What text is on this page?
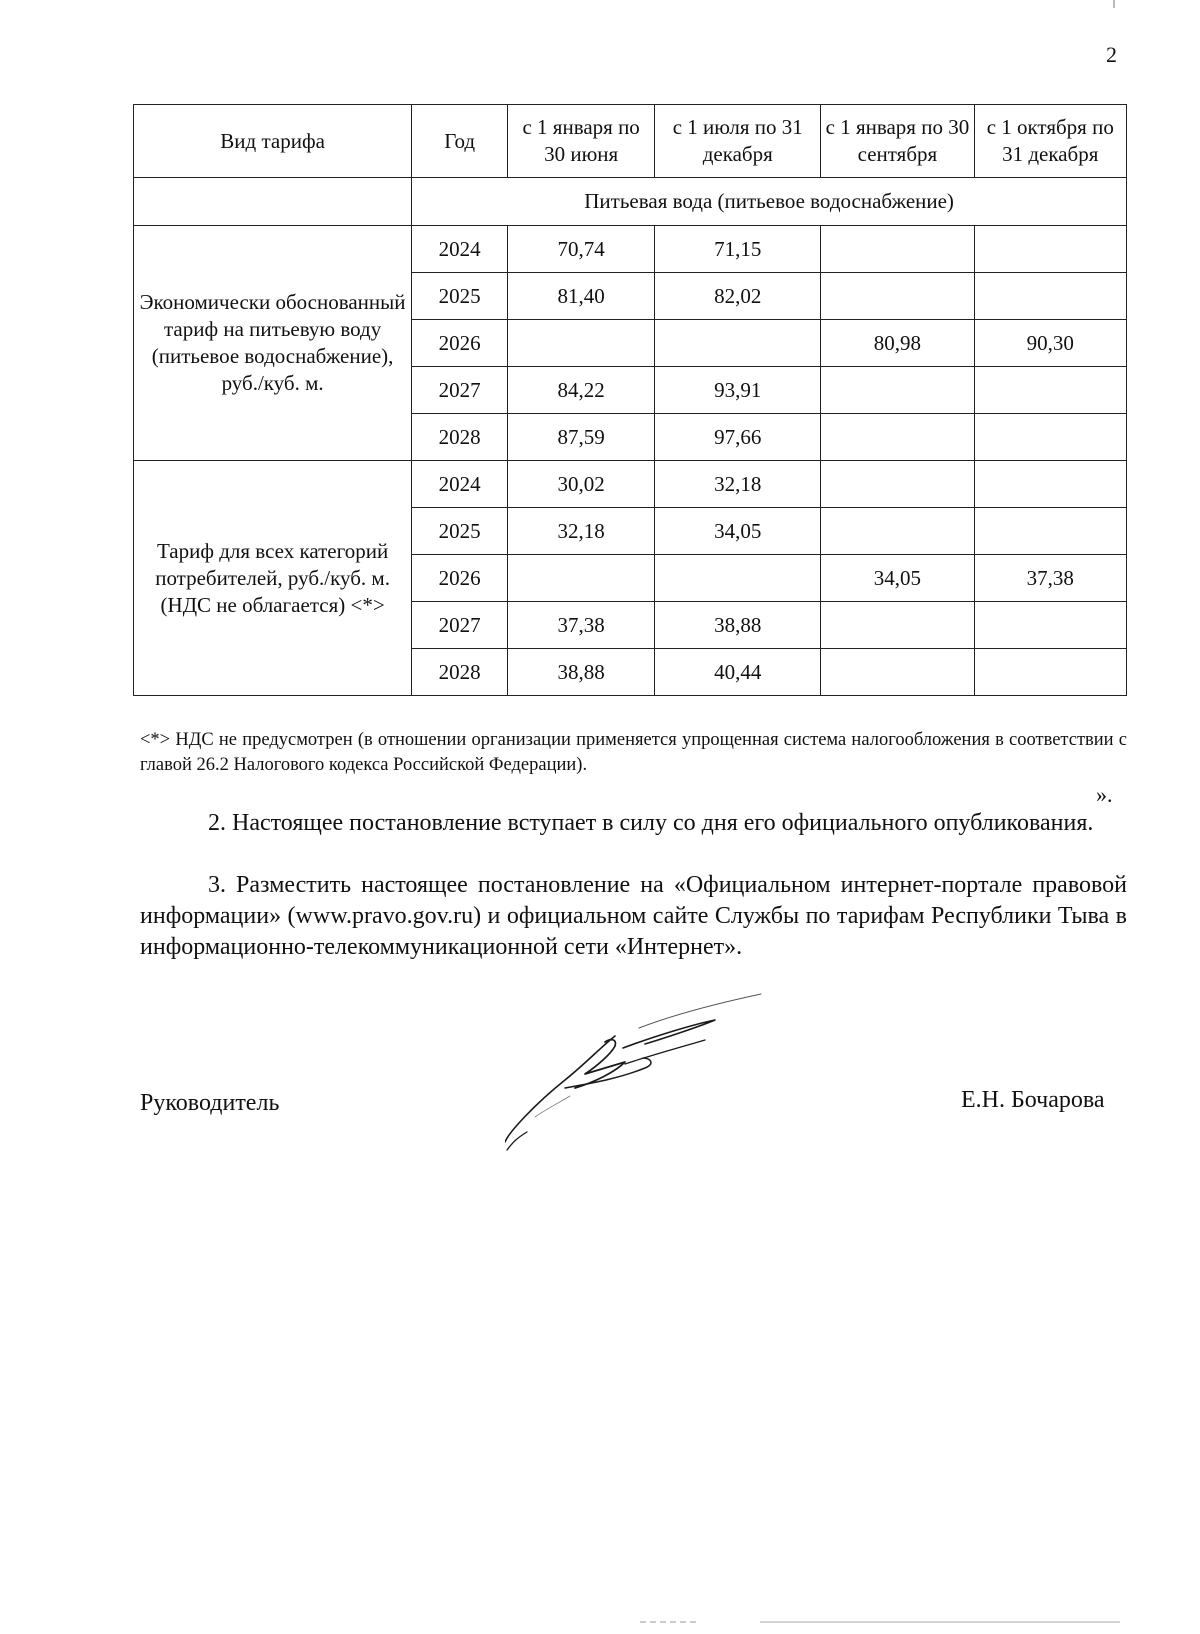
2
Вид тарифа	Год	с 1 января по 30 июня	с 1 июля по 31 декабря	с 1 января по 30 сентября	с 1 октября по 31 декабря
	Питьевая вода (питьевое водоснабжение)				
Экономически обоснованный тариф на питьевую воду (питьевое водоснабжение), руб./куб. м.	2024	70,74	71,15		
	2025	81,40	82,02		
	2026			80,98	90,30
	2027	84,22	93,91		
	2028	87,59	97,66		
Тариф для всех категорий потребителей, руб./куб. м. (НДС не облагается) <*>	2024	30,02	32,18		
	2025	32,18	34,05		
	2026			34,05	37,38
	2027	37,38	38,88		
	2028	38,88	40,44		
<*> НДС не предусмотрен (в отношении организации применяется упрощенная система налогообложения в соответствии с главой 26.2 Налогового кодекса Российской Федерации).
».
2. Настоящее постановление вступает в силу со дня его официального опубликования.
3. Разместить настоящее постановление на «Официальном интернет-портале правовой информации» (www.pravo.gov.ru) и официальном сайте Службы по тарифам Республики Тыва в информационно-телекоммуникационной сети «Интернет».
Руководитель	Е.Н. Бочарова
